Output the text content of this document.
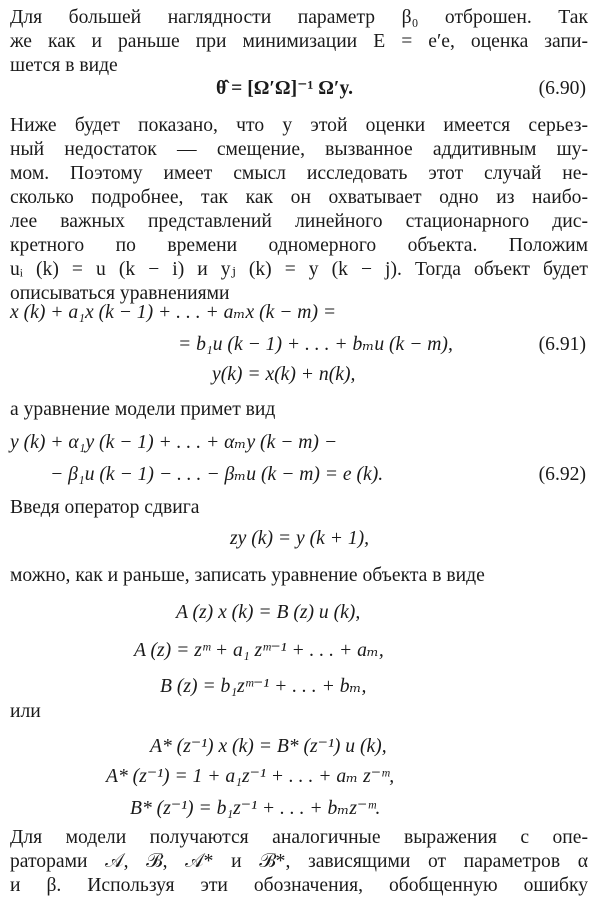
Для большей наглядности параметр β₀ отброшен. Так
же как и раньше при минимизации E = e′e, оценка запи-
шется в виде
θ̂ = [Ω′Ω]⁻¹ Ω′y.	(6.90)
Ниже будет показано, что у этой оценки имеется серьез-
ный недостаток — смещение, вызванное аддитивным шу-
мом. Поэтому имеет смысл исследовать этот случай не-
сколько подробнее, так как он охватывает одно из наибо-
лее важных представлений линейного стационарного дис-
кретного по времени одномерного объекта. Положим
uᵢ (k) = u (k − i) и yⱼ (k) = y (k − j). Тогда объект будет
описываться уравнениями
x (k) + a₁x (k − 1) + . . . + aₘx (k − m) =
= b₁u (k − 1) + . . . + bₘu (k − m),	(6.91)
y(k) = x(k) + n(k),
а уравнение модели примет вид
y (k) + α₁y (k − 1) + . . . + αₘy (k − m) −
− β₁u (k − 1) − . . . − βₘu (k − m) = e (k).	(6.92)
Введя оператор сдвига
zy (k) = y (k + 1),
можно, как и раньше, записать уравнение объекта в виде
A (z) x (k) = B (z) u (k),
A (z) = zᵐ + a₁ zᵐ⁻¹ + . . . + aₘ,
B (z) = b₁zᵐ⁻¹ + . . . + bₘ,
или
A* (z⁻¹) x (k) = B* (z⁻¹) u (k),
A* (z⁻¹) = 1 + a₁z⁻¹ + . . . + aₘ z⁻ᵐ,
B* (z⁻¹) = b₁z⁻¹ + . . . + bₘz⁻ᵐ.
Для модели получаются аналогичные выражения с опе-
раторами 𝒜, ℬ, 𝒜* и ℬ*, зависящими от параметров α
и β. Используя эти обозначения, обобщенную ошибку
